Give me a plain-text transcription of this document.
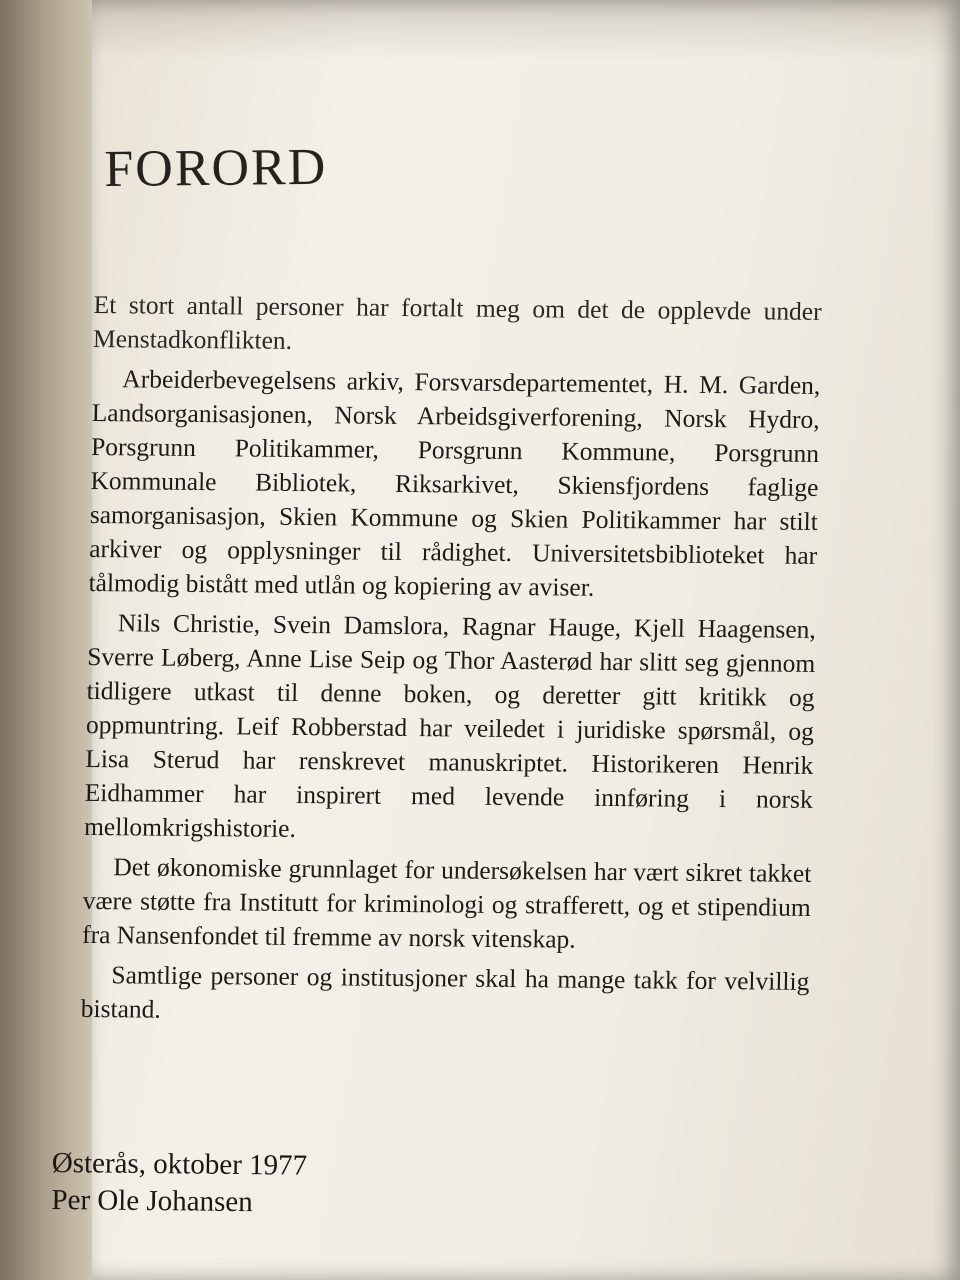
FORORD

Et stort antall personer har fortalt meg om det de opplevde under Menstadkonflikten.

Arbeiderbevegelsens arkiv, Forsvarsdepartementet, H. M. Garden, Landsorganisasjonen, Norsk Arbeidsgiverforening, Norsk Hydro, Porsgrunn Politikammer, Porsgrunn Kommune, Porsgrunn Kommunale Bibliotek, Riksarkivet, Skiensfjordens faglige samorganisasjon, Skien Kommune og Skien Politikammer har stilt arkiver og opplysninger til rådighet. Universitetsbiblioteket har tålmodig bistått med utlån og kopiering av aviser.

Nils Christie, Svein Damslora, Ragnar Hauge, Kjell Haagensen, Sverre Løberg, Anne Lise Seip og Thor Aasterød har slitt seg gjennom tidligere utkast til denne boken, og deretter gitt kritikk og oppmuntring. Leif Robberstad har veiledet i juridiske spørsmål, og Lisa Sterud har renskrevet manuskriptet. Historikeren Henrik Eidhammer har inspirert med levende innføring i norsk mellomkrigshistorie.

Det økonomiske grunnlaget for undersøkelsen har vært sikret takket være støtte fra Institutt for kriminologi og strafferett, og et stipendium fra Nansenfondet til fremme av norsk vitenskap.

Samtlige personer og institusjoner skal ha mange takk for velvillig bistand.

Østerås, oktober 1977
Per Ole Johansen
